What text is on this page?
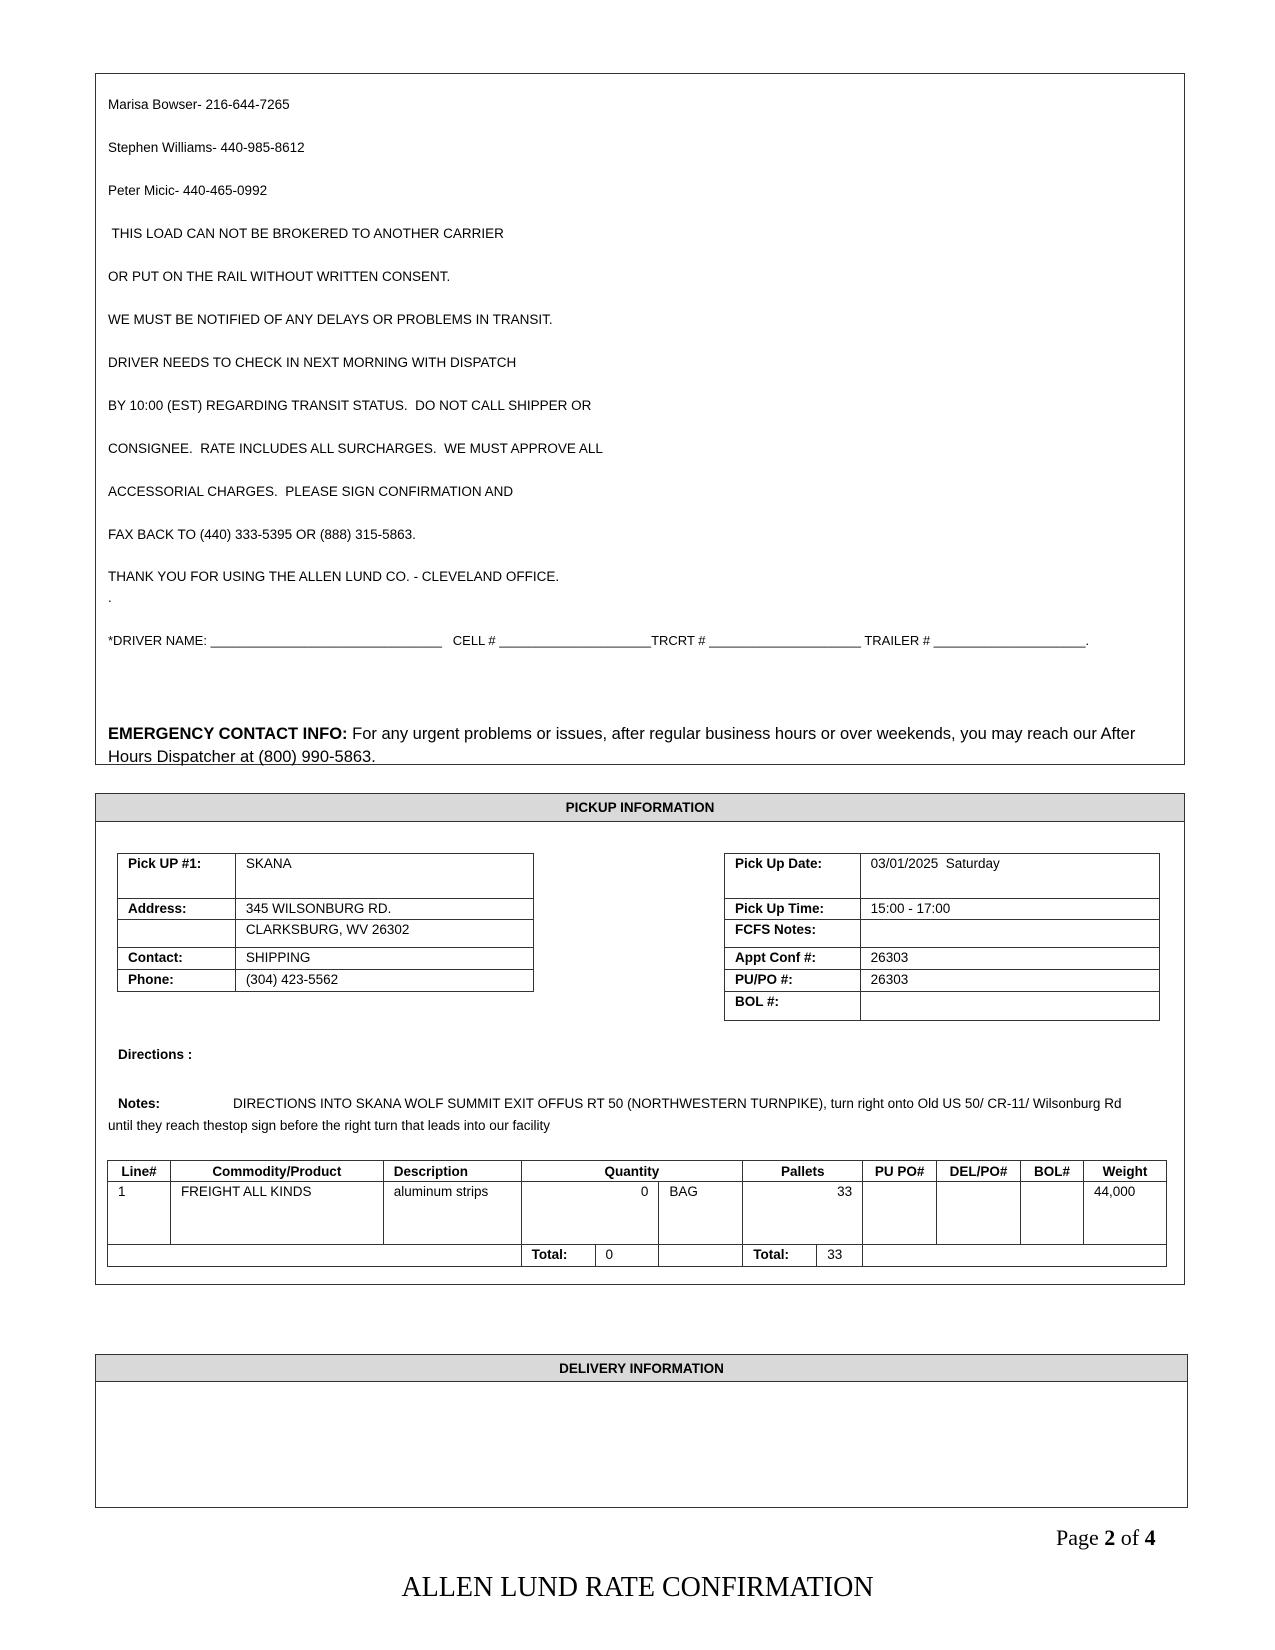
Marisa Bowser- 216-644-7265
Stephen Williams- 440-985-8612
Peter Micic- 440-465-0992
THIS LOAD CAN NOT BE BROKERED TO ANOTHER CARRIER
OR PUT ON THE RAIL WITHOUT WRITTEN CONSENT.
WE MUST BE NOTIFIED OF ANY DELAYS OR PROBLEMS IN TRANSIT.
DRIVER NEEDS TO CHECK IN NEXT MORNING WITH DISPATCH
BY 10:00 (EST) REGARDING TRANSIT STATUS.  DO NOT CALL SHIPPER OR
CONSIGNEE.  RATE INCLUDES ALL SURCHARGES.  WE MUST APPROVE ALL
ACCESSORIAL CHARGES.  PLEASE SIGN CONFIRMATION AND
FAX BACK TO (440) 333-5395 OR (888) 315-5863.
THANK YOU FOR USING THE ALLEN LUND CO. - CLEVELAND OFFICE.
.
*DRIVER NAME: ________________________________   CELL # _____________________TRCRT # _____________________ TRAILER # _____________________.
EMERGENCY CONTACT INFO: For any urgent problems or issues, after regular business hours or over weekends, you may reach our After Hours Dispatcher at (800) 990-5863.
PICKUP INFORMATION
Pick UP #1:	SKANA
Address:	345 WILSONBURG RD.
	CLARKSBURG, WV 26302
Contact:	SHIPPING
Phone:	(304) 423-5562
Pick Up Date:	03/01/2025  Saturday
Pick Up Time:	15:00 - 17:00
FCFS Notes:	
Appt Conf #:	26303
PU/PO #:	26303
BOL #:	
Directions :
Notes:	DIRECTIONS INTO SKANA WOLF SUMMIT EXIT OFFUS RT 50 (NORTHWESTERN TURNPIKE), turn right onto Old US 50/ CR-11/ Wilsonburg Rd
until they reach thestop sign before the right turn that leads into our facility
Line#	Commodity/Product	Description	Quantity			Pallets		PU PO#	DEL/PO#	BOL#	Weight
1	FREIGHT ALL KINDS	aluminum strips	0		BAG	33					44,000
			Total:	0		Total:	33				
DELIVERY INFORMATION
Page 2 of 4
ALLEN LUND RATE CONFIRMATION
